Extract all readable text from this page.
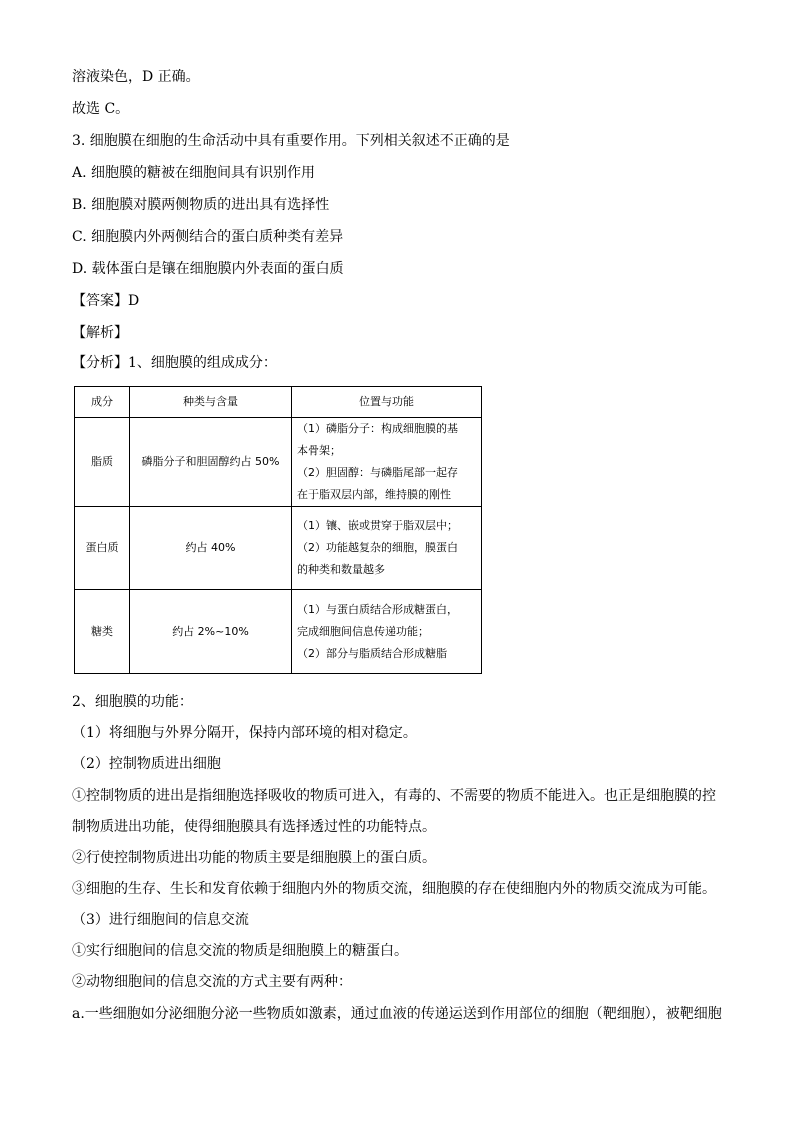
溶液染色，D 正确。
故选 C。
3. 细胞膜在细胞的生命活动中具有重要作用。下列相关叙述不正确的是
A. 细胞膜的糖被在细胞间具有识别作用
B. 细胞膜对膜两侧物质的进出具有选择性
C. 细胞膜内外两侧结合的蛋白质种类有差异
D. 载体蛋白是镶在细胞膜内外表面的蛋白质
【答案】D
【解析】
【分析】1、细胞膜的组成成分：
成分	种类与含量	位置与功能
脂质	磷脂分子和胆固醇约占 50%	（1）磷脂分子：构成细胞膜的基
本骨架；
（2）胆固醇：与磷脂尾部一起存
在于脂双层内部，维持膜的刚性

蛋白质	约占 40%	（1）镶、嵌或贯穿于脂双层中；
（2）功能越复杂的细胞，膜蛋白
的种类和数量越多

糖类	约占 2%~10%	（1）与蛋白质结合形成糖蛋白，
完成细胞间信息传递功能；
（2）部分与脂质结合形成糖脂
2、细胞膜的功能：
（1）将细胞与外界分隔开，保持内部环境的相对稳定。
（2）控制物质进出细胞
①控制物质的进出是指细胞选择吸收的物质可进入，有毒的、不需要的物质不能进入。也正是细胞膜的控
制物质进出功能，使得细胞膜具有选择透过性的功能特点。
②行使控制物质进出功能的物质主要是细胞膜上的蛋白质。
③细胞的生存、生长和发育依赖于细胞内外的物质交流，细胞膜的存在使细胞内外的物质交流成为可能。
（3）进行细胞间的信息交流
①实行细胞间的信息交流的物质是细胞膜上的糖蛋白。
②动物细胞间的信息交流的方式主要有两种：
a.一些细胞如分泌细胞分泌一些物质如激素，通过血液的传递运送到作用部位的细胞（靶细胞），被靶细胞
